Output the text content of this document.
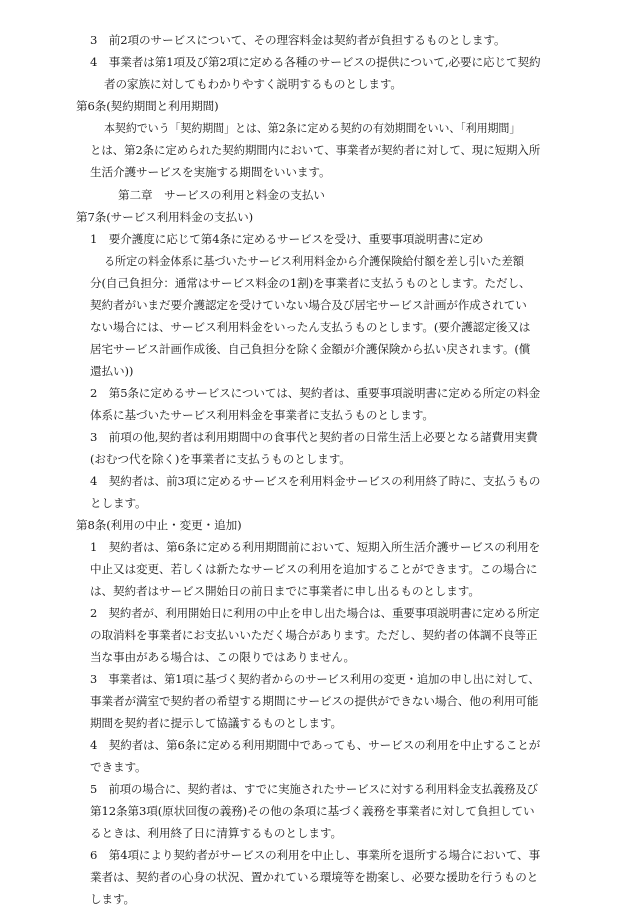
3　前2項のサービスについて、その理容料金は契約者が負担するものとします。
4　事業者は第1項及び第2項に定める各種のサービスの提供について,必要に応じて契約
者の家族に対してもわかりやすく説明するものとします。
第6条(契約期間と利用期間)
本契約でいう「契約期間」とは、第2条に定める契約の有効期間をいい、「利用期間」
とは、第2条に定められた契約期間内において、事業者が契約者に対して、現に短期入所
生活介護サービスを実施する期間をいいます。
第二章　サービスの利用と料金の支払い
第7条(サービス利用料金の支払い)
1　要介護度に応じて第4条に定めるサービスを受け、重要事項説明書に定め
る所定の料金体系に基づいたサービス利用料金から介護保険給付額を差し引いた差額
分(自己負担分：通常はサービス料金の1割)を事業者に支払うものとします。ただし、
契約者がいまだ要介護認定を受けていない場合及び居宅サービス計画が作成されてい
ない場合には、サービス利用料金をいったん支払うものとします。(要介護認定後又は
居宅サービス計画作成後、自己負担分を除く金額が介護保険から払い戻されます。(償
還払い))
2　第5条に定めるサービスについては、契約者は、重要事項説明書に定める所定の料金
体系に基づいたサービス利用料金を事業者に支払うものとします。
3　前項の他,契約者は利用期間中の食事代と契約者の日常生活上必要となる諸費用実費
(おむつ代を除く)を事業者に支払うものとします。
4　契約者は、前3項に定めるサービスを利用料金サービスの利用終了時に、支払うもの
とします。
第8条(利用の中止・変更・追加)
1　契約者は、第6条に定める利用期間前において、短期入所生活介護サービスの利用を
中止又は変更、若しくは新たなサービスの利用を追加することができます。この場合に
は、契約者はサービス開始日の前日までに事業者に申し出るものとします。
2　契約者が、利用開始日に利用の中止を申し出た場合は、重要事項説明書に定める所定
の取消料を事業者にお支払いいただく場合があります。ただし、契約者の体調不良等正
当な事由がある場合は、この限りではありません。
3　事業者は、第1項に基づく契約者からのサービス利用の変更・追加の申し出に対して、
事業者が満室で契約者の希望する期間にサービスの提供ができない場合、他の利用可能
期間を契約者に提示して協議するものとします。
4　契約者は、第6条に定める利用期間中であっても、サービスの利用を中止することが
できます。
5　前項の場合に、契約者は、すでに実施されたサービスに対する利用料金支払義務及び
第12条第3項(原状回復の義務)その他の条項に基づく義務を事業者に対して負担してい
るときは、利用終了日に清算するものとします。
6　第4項により契約者がサービスの利用を中止し、事業所を退所する場合において、事
業者は、契約者の心身の状況、置かれている環境等を勘案し、必要な援助を行うものと
します。
